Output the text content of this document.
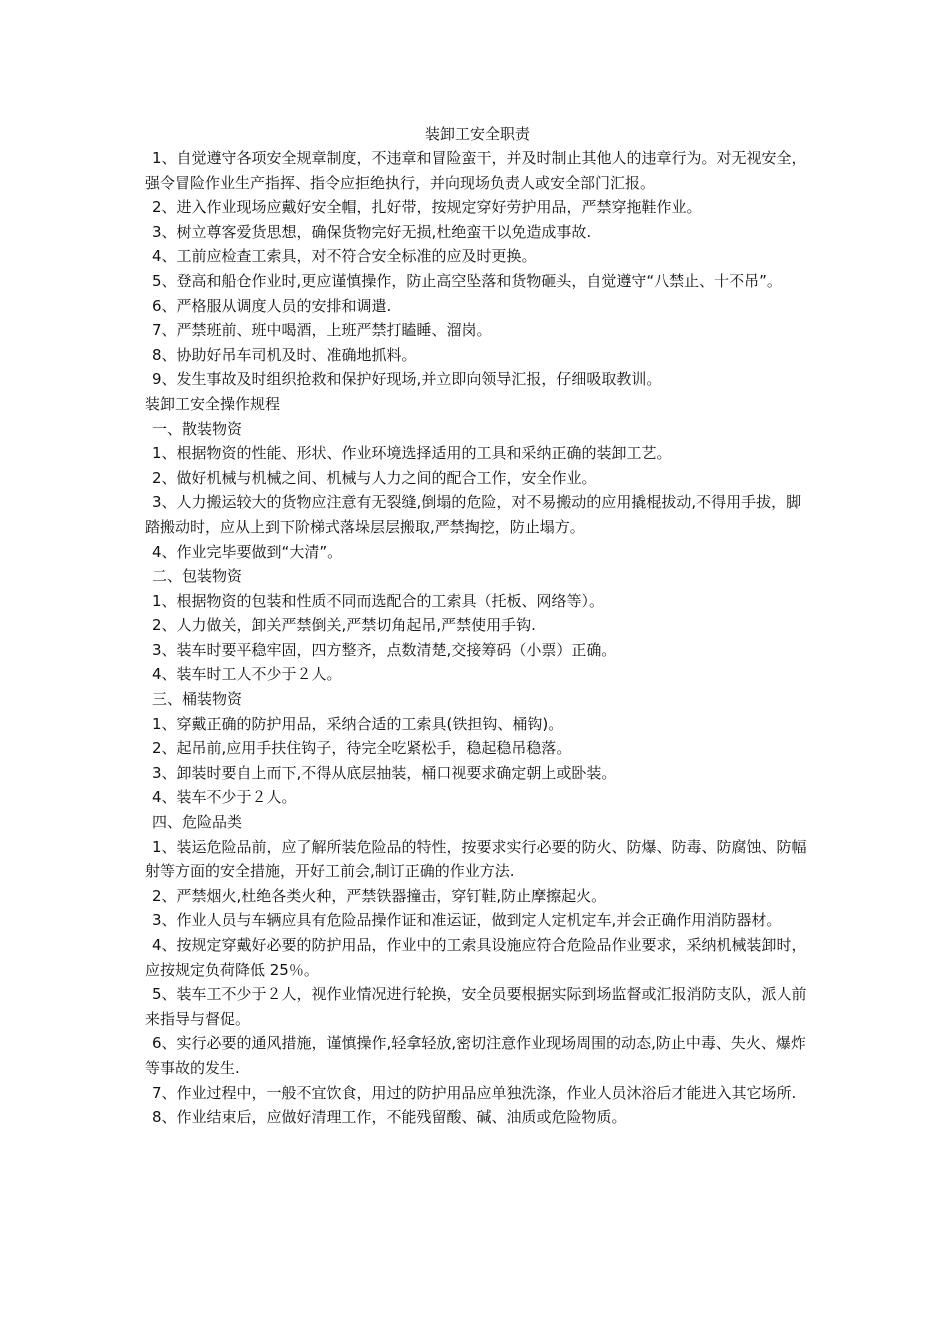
装卸工安全职责

1、自觉遵守各项安全规章制度，不违章和冒险蛮干，并及时制止其他人的违章行为。对无视安全，强令冒险作业生产指挥、指令应拒绝执行，并向现场负责人或安全部门汇报。

2、进入作业现场应戴好安全帽，扎好带，按规定穿好劳护用品，严禁穿拖鞋作业。

3、树立尊客爱货思想，确保货物完好无损,杜绝蛮干以免造成事故.

4、工前应检查工索具，对不符合安全标准的应及时更换。

5、登高和船仓作业时,更应谨慎操作，防止高空坠落和货物砸头，自觉遵守“八禁止、十不吊”。

6、严格服从调度人员的安排和调遣.

7、严禁班前、班中喝酒，上班严禁打瞌睡、溜岗。

8、协助好吊车司机及时、准确地抓料。

9、发生事故及时组织抢救和保护好现场,并立即向领导汇报，仔细吸取教训。

装卸工安全操作规程

一、散装物资

1、根据物资的性能、形状、作业环境选择适用的工具和采纳正确的装卸工艺。

2、做好机械与机械之间、机械与人力之间的配合工作，安全作业。

3、人力搬运较大的货物应注意有无裂缝,倒塌的危险，对不易搬动的应用撬棍拔动,不得用手拔，脚踏搬动时，应从上到下阶梯式落垛层层搬取,严禁掏挖，防止塌方。

4、作业完毕要做到“大清”。

二、包装物资

1、根据物资的包装和性质不同而选配合的工索具（托板、网络等）。

2、人力做关，卸关严禁倒关,严禁切角起吊,严禁使用手钩.

3、装车时要平稳牢固，四方整齐，点数清楚,交接筹码（小票）正确。

4、装车时工人不少于２人。

三、桶装物资

1、穿戴正确的防护用品，采纳合适的工索具(铁担钩、桶钩)。

2、起吊前,应用手扶住钩子，待完全吃紧松手，稳起稳吊稳落。

3、卸装时要自上而下,不得从底层抽装，桶口视要求确定朝上或卧装。

4、装车不少于２人。

四、危险品类

1、装运危险品前，应了解所装危险品的特性，按要求实行必要的防火、防爆、防毒、防腐蚀、防幅射等方面的安全措施，开好工前会,制订正确的作业方法.

2、严禁烟火,杜绝各类火种，严禁铁器撞击，穿钉鞋,防止摩擦起火。

3、作业人员与车辆应具有危险品操作证和准运证，做到定人定机定车,并会正确作用消防器材。

4、按规定穿戴好必要的防护用品，作业中的工索具设施应符合危险品作业要求，采纳机械装卸时，应按规定负荷降低 25％。

5、装车工不少于２人，视作业情况进行轮换，安全员要根据实际到场监督或汇报消防支队，派人前来指导与督促。

6、实行必要的通风措施，谨慎操作,轻拿轻放,密切注意作业现场周围的动态,防止中毒、失火、爆炸等事故的发生.

7、作业过程中，一般不宜饮食，用过的防护用品应单独洗涤，作业人员沐浴后才能进入其它场所.

8、作业结束后，应做好清理工作，不能残留酸、碱、油质或危险物质。
